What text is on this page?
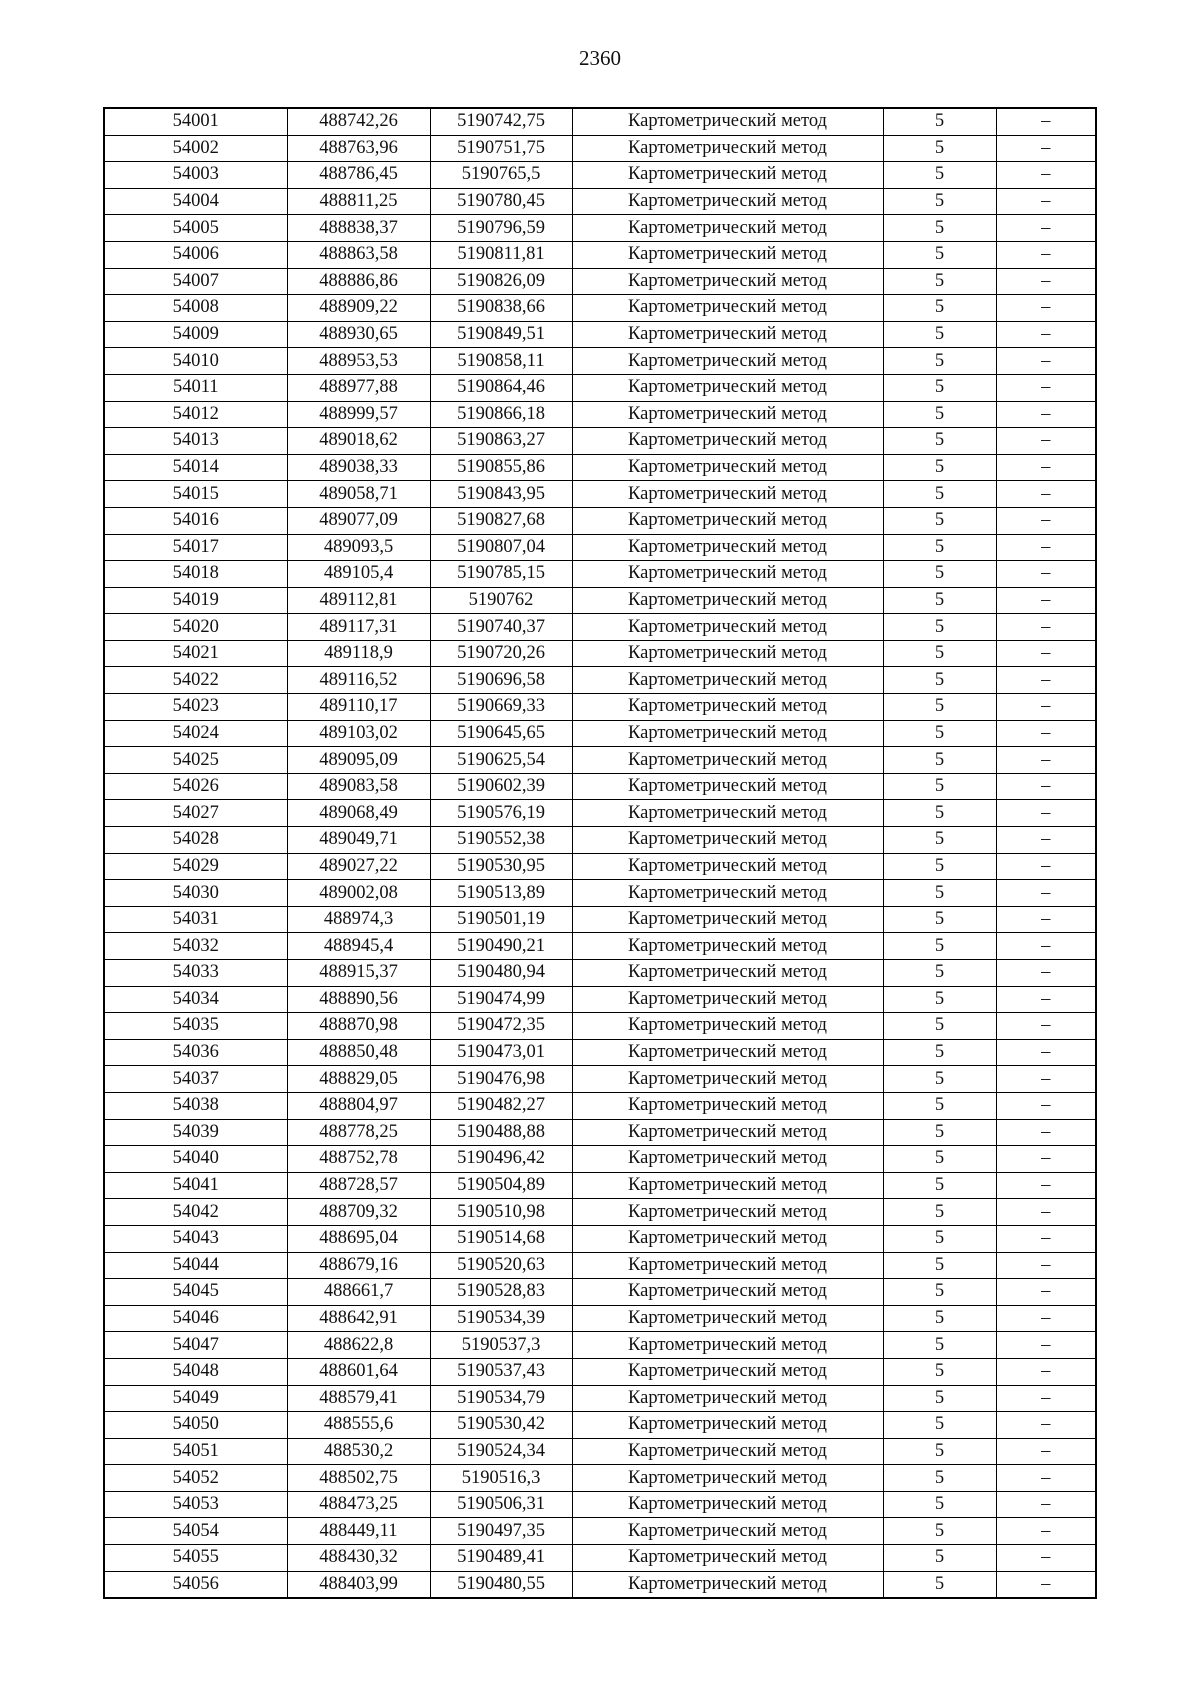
2360
54001	488742,26	5190742,75	Картометрический метод	5	–
54002	488763,96	5190751,75	Картометрический метод	5	–
54003	488786,45	5190765,5	Картометрический метод	5	–
54004	488811,25	5190780,45	Картометрический метод	5	–
54005	488838,37	5190796,59	Картометрический метод	5	–
54006	488863,58	5190811,81	Картометрический метод	5	–
54007	488886,86	5190826,09	Картометрический метод	5	–
54008	488909,22	5190838,66	Картометрический метод	5	–
54009	488930,65	5190849,51	Картометрический метод	5	–
54010	488953,53	5190858,11	Картометрический метод	5	–
54011	488977,88	5190864,46	Картометрический метод	5	–
54012	488999,57	5190866,18	Картометрический метод	5	–
54013	489018,62	5190863,27	Картометрический метод	5	–
54014	489038,33	5190855,86	Картометрический метод	5	–
54015	489058,71	5190843,95	Картометрический метод	5	–
54016	489077,09	5190827,68	Картометрический метод	5	–
54017	489093,5	5190807,04	Картометрический метод	5	–
54018	489105,4	5190785,15	Картометрический метод	5	–
54019	489112,81	5190762	Картометрический метод	5	–
54020	489117,31	5190740,37	Картометрический метод	5	–
54021	489118,9	5190720,26	Картометрический метод	5	–
54022	489116,52	5190696,58	Картометрический метод	5	–
54023	489110,17	5190669,33	Картометрический метод	5	–
54024	489103,02	5190645,65	Картометрический метод	5	–
54025	489095,09	5190625,54	Картометрический метод	5	–
54026	489083,58	5190602,39	Картометрический метод	5	–
54027	489068,49	5190576,19	Картометрический метод	5	–
54028	489049,71	5190552,38	Картометрический метод	5	–
54029	489027,22	5190530,95	Картометрический метод	5	–
54030	489002,08	5190513,89	Картометрический метод	5	–
54031	488974,3	5190501,19	Картометрический метод	5	–
54032	488945,4	5190490,21	Картометрический метод	5	–
54033	488915,37	5190480,94	Картометрический метод	5	–
54034	488890,56	5190474,99	Картометрический метод	5	–
54035	488870,98	5190472,35	Картометрический метод	5	–
54036	488850,48	5190473,01	Картометрический метод	5	–
54037	488829,05	5190476,98	Картометрический метод	5	–
54038	488804,97	5190482,27	Картометрический метод	5	–
54039	488778,25	5190488,88	Картометрический метод	5	–
54040	488752,78	5190496,42	Картометрический метод	5	–
54041	488728,57	5190504,89	Картометрический метод	5	–
54042	488709,32	5190510,98	Картометрический метод	5	–
54043	488695,04	5190514,68	Картометрический метод	5	–
54044	488679,16	5190520,63	Картометрический метод	5	–
54045	488661,7	5190528,83	Картометрический метод	5	–
54046	488642,91	5190534,39	Картометрический метод	5	–
54047	488622,8	5190537,3	Картометрический метод	5	–
54048	488601,64	5190537,43	Картометрический метод	5	–
54049	488579,41	5190534,79	Картометрический метод	5	–
54050	488555,6	5190530,42	Картометрический метод	5	–
54051	488530,2	5190524,34	Картометрический метод	5	–
54052	488502,75	5190516,3	Картометрический метод	5	–
54053	488473,25	5190506,31	Картометрический метод	5	–
54054	488449,11	5190497,35	Картометрический метод	5	–
54055	488430,32	5190489,41	Картометрический метод	5	–
54056	488403,99	5190480,55	Картометрический метод	5	–
